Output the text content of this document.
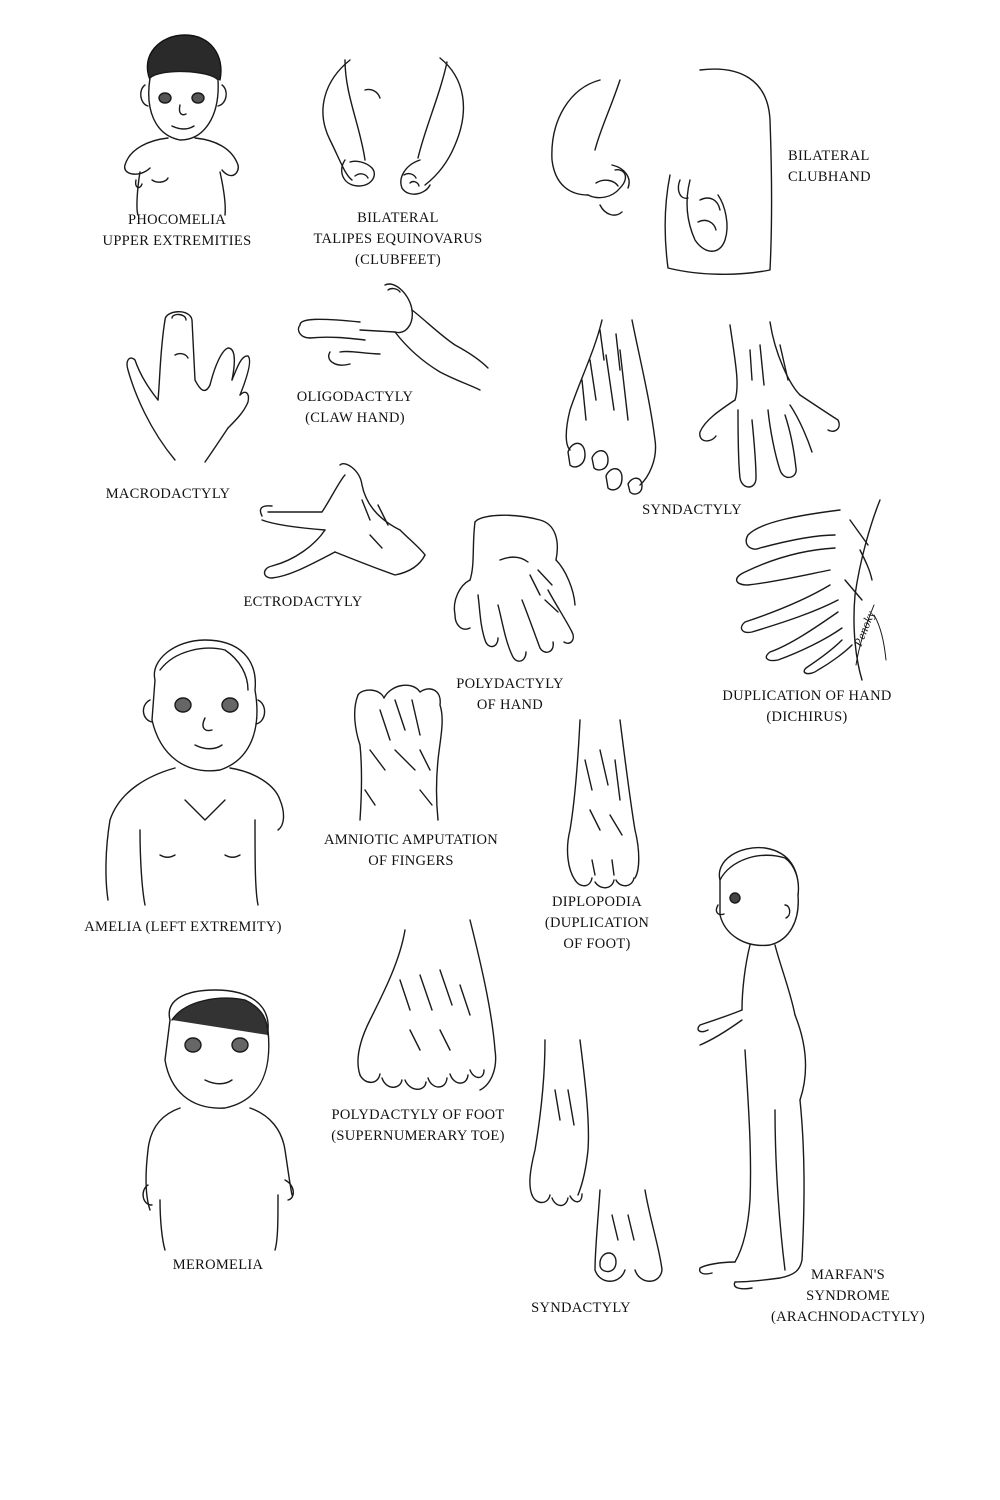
PHOCOMELIA
UPPER EXTREMITIES
BILATERAL
TALIPES EQUINOVARUS
(CLUBFEET)
BILATERAL
CLUBHAND
MACRODACTYLY
OLIGODACTYLY
(CLAW HAND)
SYNDACTYLY
ECTRODACTYLY
POLYDACTYLY
OF HAND
DUPLICATION OF HAND
(DICHIRUS)
AMELIA (LEFT EXTREMITY)
AMNIOTIC AMPUTATION
OF FINGERS
DIPLOPODIA
(DUPLICATION
OF FOOT)
MEROMELIA
POLYDACTYLY OF FOOT
(SUPERNUMERARY TOE)
SYNDACTYLY
MARFAN'S
SYNDROME
(ARACHNODACTYLY)
Penoky
